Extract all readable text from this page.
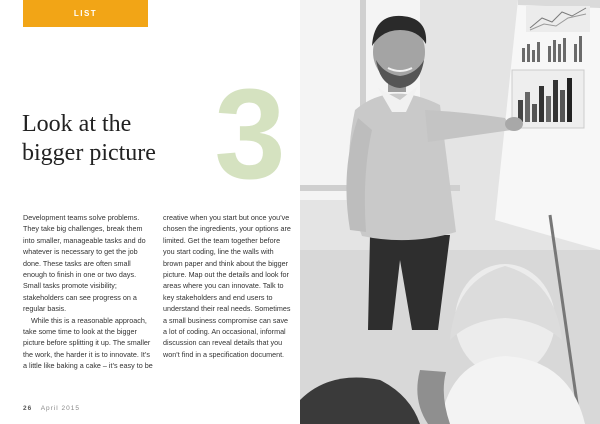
LIST
Look at the
bigger picture 3

Development teams solve problems. They take big challenges, break them into smaller, manageable tasks and do whatever is necessary to get the job done. These tasks are often small enough to finish in one or two days. Small tasks promote visibility; stakeholders can see progress on a regular basis.

While this is a reasonable approach, take some time to look at the bigger picture before splitting it up. The smaller the work, the harder it is to innovate. It’s a little like baking a cake – it’s easy to be

creative when you start but once you’ve chosen the ingredients, your options are limited. Get the team together before you start coding, line the walls with brown paper and think about the bigger picture. Map out the details and look for areas where you can innovate. Talk to key stakeholders and end users to understand their real needs. Sometimes a small business compromise can save a lot of coding. An occasional, informal discussion can reveal details that you won’t find in a specification document.

26 April 2015
